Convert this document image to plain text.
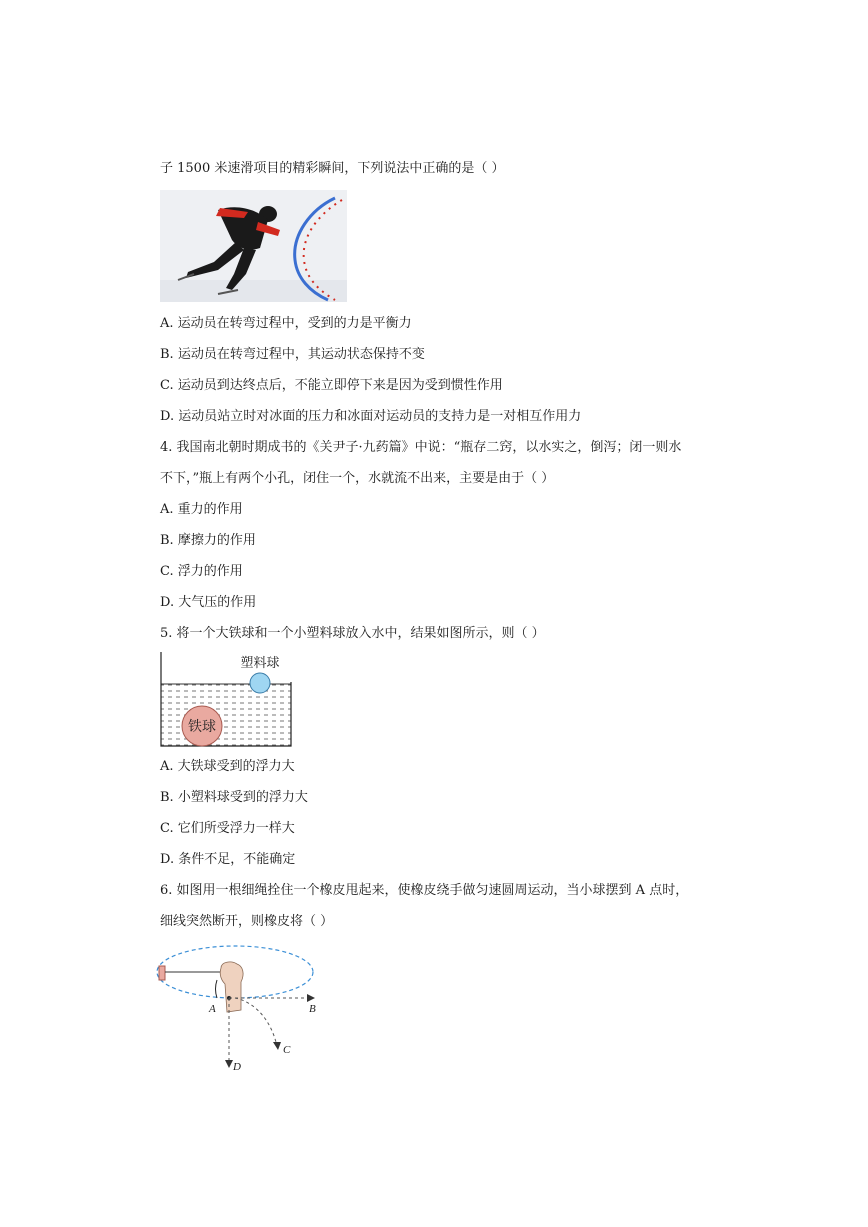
子 1500 米速滑项目的精彩瞬间，下列说法中正确的是（ ）
A. 运动员在转弯过程中，受到的力是平衡力
B. 运动员在转弯过程中，其运动状态保持不变
C. 运动员到达终点后，不能立即停下来是因为受到惯性作用
D. 运动员站立时对冰面的压力和冰面对运动员的支持力是一对相互作用力
4. 我国南北朝时期成书的《关尹子·九药篇》中说：“瓶存二窍，以水实之，倒泻；闭一则水
不下，”瓶上有两个小孔，闭住一个，水就流不出来，主要是由于（ ）
A. 重力的作用
B. 摩擦力的作用
C. 浮力的作用
D. 大气压的作用
5. 将一个大铁球和一个小塑料球放入水中，结果如图所示，则（ ）
塑料球
铁球
A. 大铁球受到的浮力大
B. 小塑料球受到的浮力大
C. 它们所受浮力一样大
D. 条件不足，不能确定
6. 如图用一根细绳拴住一个橡皮甩起来，使橡皮绕手做匀速圆周运动，当小球摆到 A 点时，
细线突然断开，则橡皮将（ ）
A	B
C
D
